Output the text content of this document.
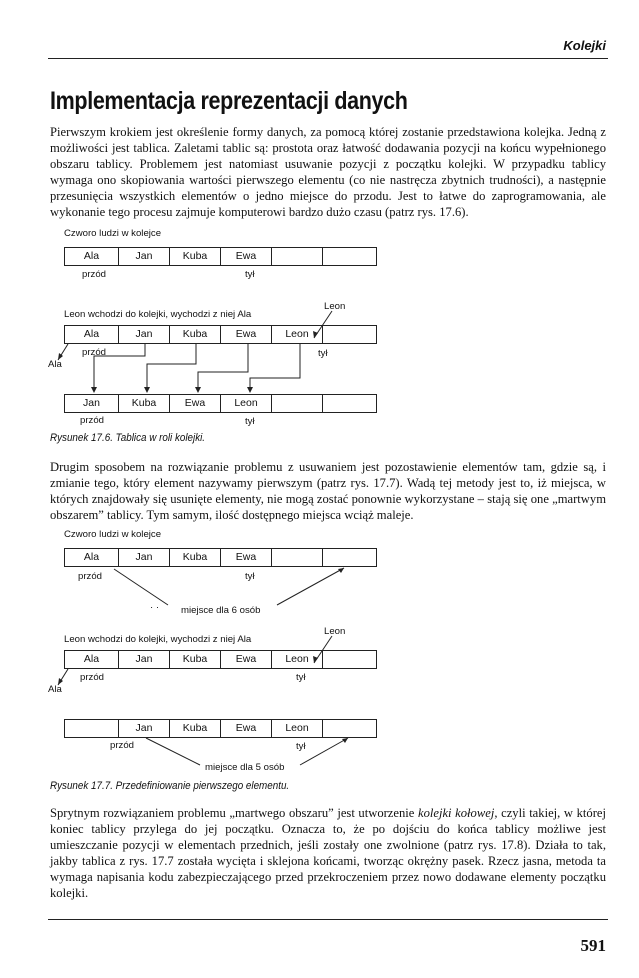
Kolejki
Implementacja reprezentacji danych
Pierwszym krokiem jest określenie formy danych, za pomocą której zostanie przedstawiona kolejka. Jedną z możliwości jest tablica. Zaletami tablic są: prostota oraz łatwość dodawania pozycji na końcu wypełnionego obszaru tablicy. Problemem jest natomiast usuwanie pozycji z początku kolejki. W przypadku tablicy wymaga ono skopiowania wartości pierwszego elementu (co nie nastręcza zbytnich trudności), a następnie przesunięcia wszystkich elementów o jedno miejsce do przodu. Jest to łatwe do zaprogramowania, ale wykonanie tego procesu zajmuje komputerowi bardzo dużo czasu (patrz rys. 17.6).
Czworo ludzi w kolejce
Ala	Jan	Kuba	Ewa
przód	tył
Leon
Leon wchodzi do kolejki, wychodzi z niej Ala
Ala	Jan	Kuba	Ewa	Leon
przód	tył
Ala
Jan	Kuba	Ewa	Leon
przód	tył
Rysunek 17.6. Tablica w roli kolejki.
Drugim sposobem na rozwiązanie problemu z usuwaniem jest pozostawienie elementów tam, gdzie są, i zmianie tego, który element nazywamy pierwszym (patrz rys. 17.7). Wadą tej metody jest to, iż miejsca, w których znajdowały się usunięte elementy, nie mogą zostać ponownie wykorzystane – stają się one „martwym obszarem” tablicy. Tym samym, ilość dostępnego miejsca wciąż maleje.
Czworo ludzi w kolejce
Ala	Jan	Kuba	Ewa
przód	tył
· · miejsce dla 6 osób
Leon
Leon wchodzi do kolejki, wychodzi z niej Ala
Ala	Jan	Kuba	Ewa	Leon
przód	tył
Ala
Jan	Kuba	Ewa	Leon
przód	tył
miejsce dla 5 osób
Rysunek 17.7. Przedefiniowanie pierwszego elementu.
Sprytnym rozwiązaniem problemu „martwego obszaru” jest utworzenie kolejki kołowej, czyli takiej, w której koniec tablicy przylega do jej początku. Oznacza to, że po dojściu do końca tablicy możliwe jest umieszczanie pozycji w elementach przednich, jeśli zostały one zwolnione (patrz rys. 17.8). Działa to tak, jakby tablica z rys. 17.7 została wycięta i sklejona końcami, tworząc okrężny pasek. Rzecz jasna, metoda ta wymaga napisania kodu zabezpieczającego przed przekroczeniem przez nowo dodawane elementy początku kolejki.
591
